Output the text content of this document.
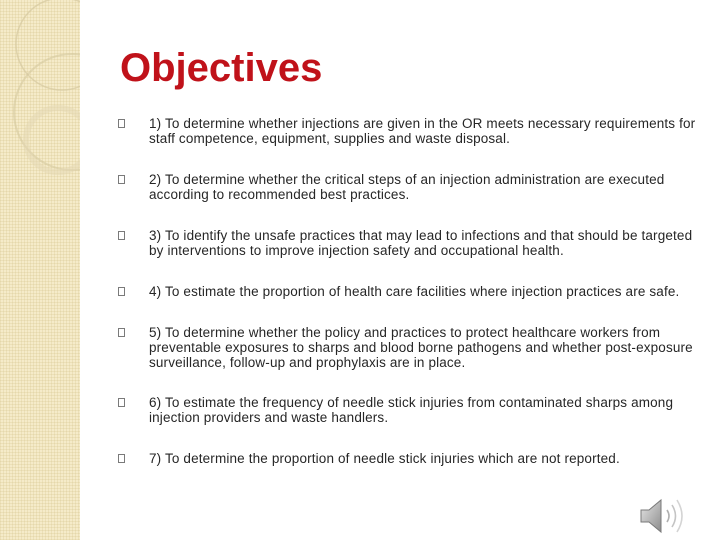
Objectives
1) To determine whether injections are given in the OR meets necessary requirements for staff competence, equipment, supplies and waste disposal.
2) To determine whether the critical steps of an injection administration are executed according to recommended best practices.
3) To identify the unsafe practices that may lead to infections and that should be targeted by interventions to improve injection safety and occupational health.
4) To estimate the proportion of health care facilities where injection practices are safe.
5) To determine whether the policy and practices to protect healthcare workers from preventable exposures to sharps and blood borne pathogens and whether post-exposure surveillance, follow-up and prophylaxis are in place.
6) To estimate the frequency of needle stick injuries from contaminated sharps among injection providers and waste handlers.
7) To determine the proportion of needle stick injuries which are not reported.
